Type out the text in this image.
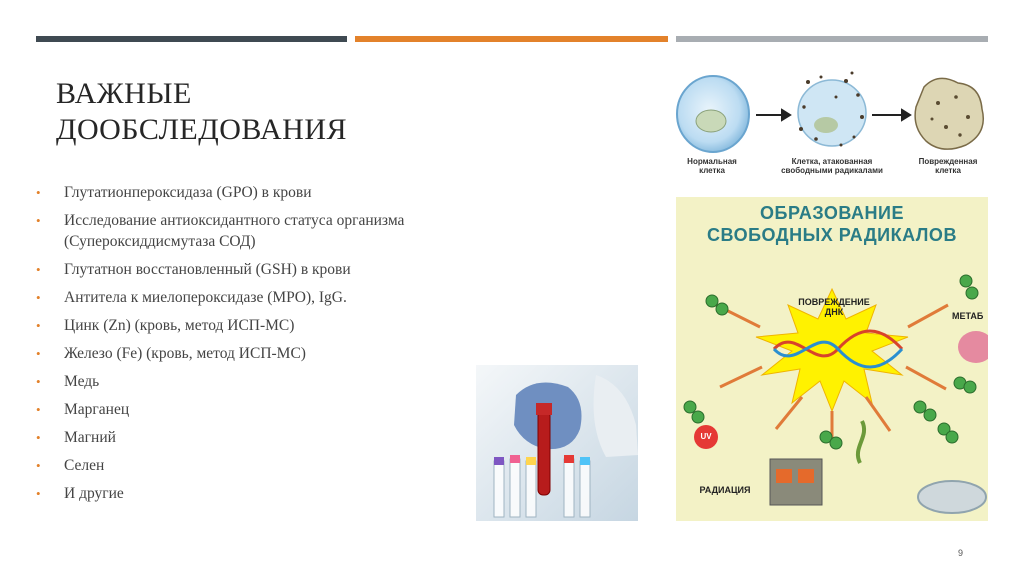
ВАЖНЫЕ
ДООБСЛЕДОВАНИЯ
• Глутатионпероксидаза (GPO) в крови
• Исследование антиоксидантного статуса организма (Супероксиддисмутаза СОД)
• Глутатнон восстановленный (GSH) в крови
• Антитела к миелопероксидазе (MPO), IgG.
• Цинк (Zn) (кровь, метод ИСП-МС)
• Железо (Fe) (кровь, метод ИСП-МС)
• Медь
• Марганец
• Магний
• Селен
• И другие
Нормальная клетка
Клетка, атакованная свободными радикалами
Поврежденная клетка
ОБРАЗОВАНИЕ
СВОБОДНЫХ РАДИКАЛОВ
ПОВРЕЖДЕНИЕ ДНК	МЕТАБ
РАДИАЦИЯ
UV
9
